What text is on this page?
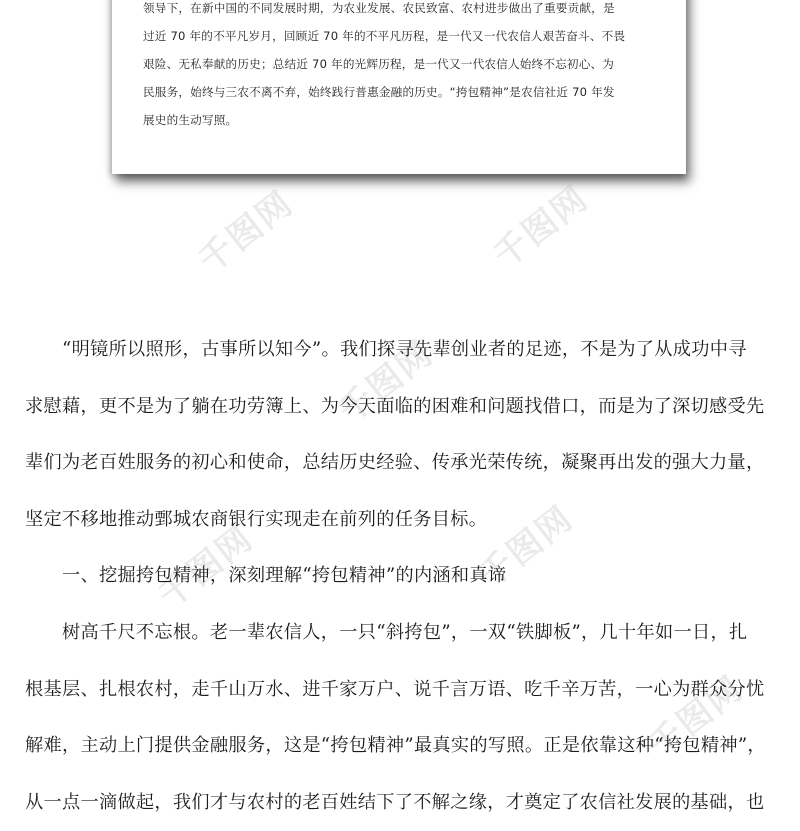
领导下，在新中国的不同发展时期，为农业发展、农民致富、农村进步做出了重要贡献，是
过近 70 年的不平凡岁月，回顾近 70 年的不平凡历程，是一代又一代农信人艰苦奋斗、不畏
艰险、无私奉献的历史；总结近 70 年的光辉历程，是一代又一代农信人始终不忘初心、为
民服务，始终与三农不离不弃，始终践行普惠金融的历史。“挎包精神”是农信社近 70 年发
展史的生动写照。
千图网	千图网
千图网
千图网	千图网
千图网
　　“明镜所以照形，古事所以知今”。我们探寻先辈创业者的足迹，不是为了从成功中寻
求慰藉，更不是为了躺在功劳簿上、为今天面临的困难和问题找借口，而是为了深切感受先
辈们为老百姓服务的初心和使命，总结历史经验、传承光荣传统，凝聚再出发的强大力量，
坚定不移地推动鄄城农商银行实现走在前列的任务目标。
　　一、挖掘挎包精神，深刻理解“挎包精神”的内涵和真谛
　　树高千尺不忘根。老一辈农信人，一只“斜挎包”，一双“铁脚板”，几十年如一日，扎
根基层、扎根农村，走千山万水、进千家万户、说千言万语、吃千辛万苦，一心为群众分忧
解难，主动上门提供金融服务，这是“挎包精神”最真实的写照。正是依靠这种“挎包精神”，
从一点一滴做起，我们才与农村的老百姓结下了不解之缘，才奠定了农信社发展的基础，也
